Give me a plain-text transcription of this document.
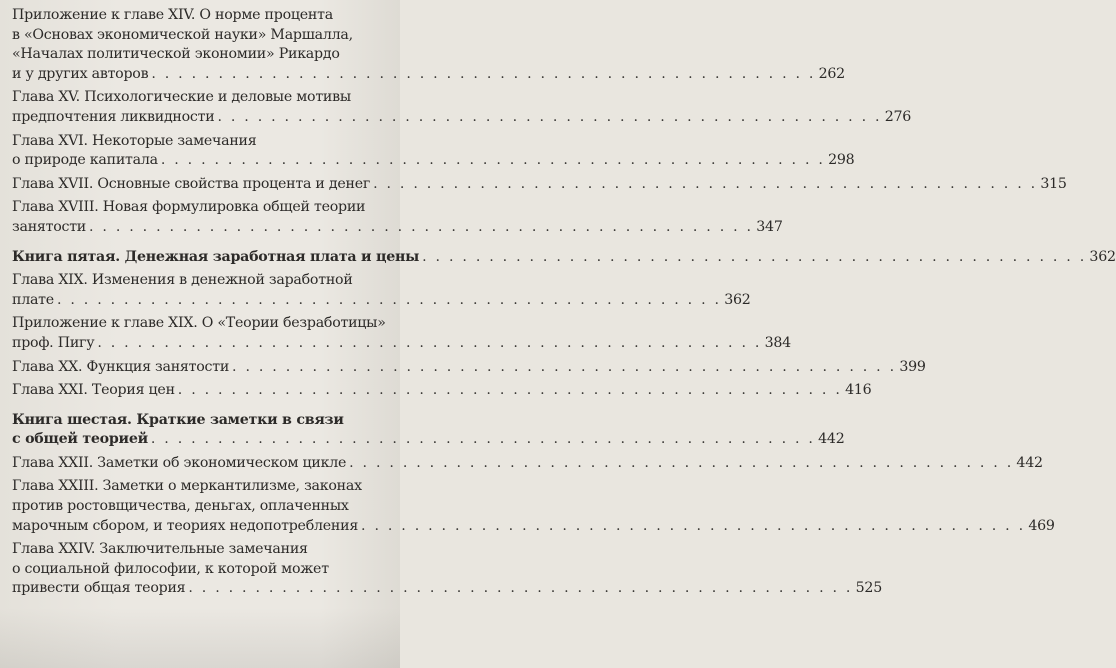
Приложение к главе XIV. О норме процента
в «Основах экономической науки» Маршалла,
«Началах политической экономии» Рикардо
и у других авторов . . .	262
Глава XV. Психологические и деловые мотивы
предпочтения ликвидности . . .	276
Глава XVI. Некоторые замечания
о природе капитала . . .	298
Глава XVII. Основные свойства процента и денег . . .	315
Глава XVIII. Новая формулировка общей теории
занятости . . .	347
Книга пятая. Денежная заработная плата и цены . . .	362
Глава XIX. Изменения в денежной заработной
плате . . .	362
Приложение к главе XIX. О «Теории безработицы»
проф. Пигу . . .	384
Глава XX. Функция занятости . . .	399
Глава XXI. Теория цен . . .	416
Книга шестая. Краткие заметки в связи
с общей теорией . . .	442
Глава XXII. Заметки об экономическом цикле . . .	442
Глава XXIII. Заметки о меркантилизме, законах
против ростовщичества, деньгах, оплаченных
марочным сбором, и теориях недопотребления . . .	469
Глава XXIV. Заключительные замечания
о социальной философии, к которой может
привести общая теория . . .	525
